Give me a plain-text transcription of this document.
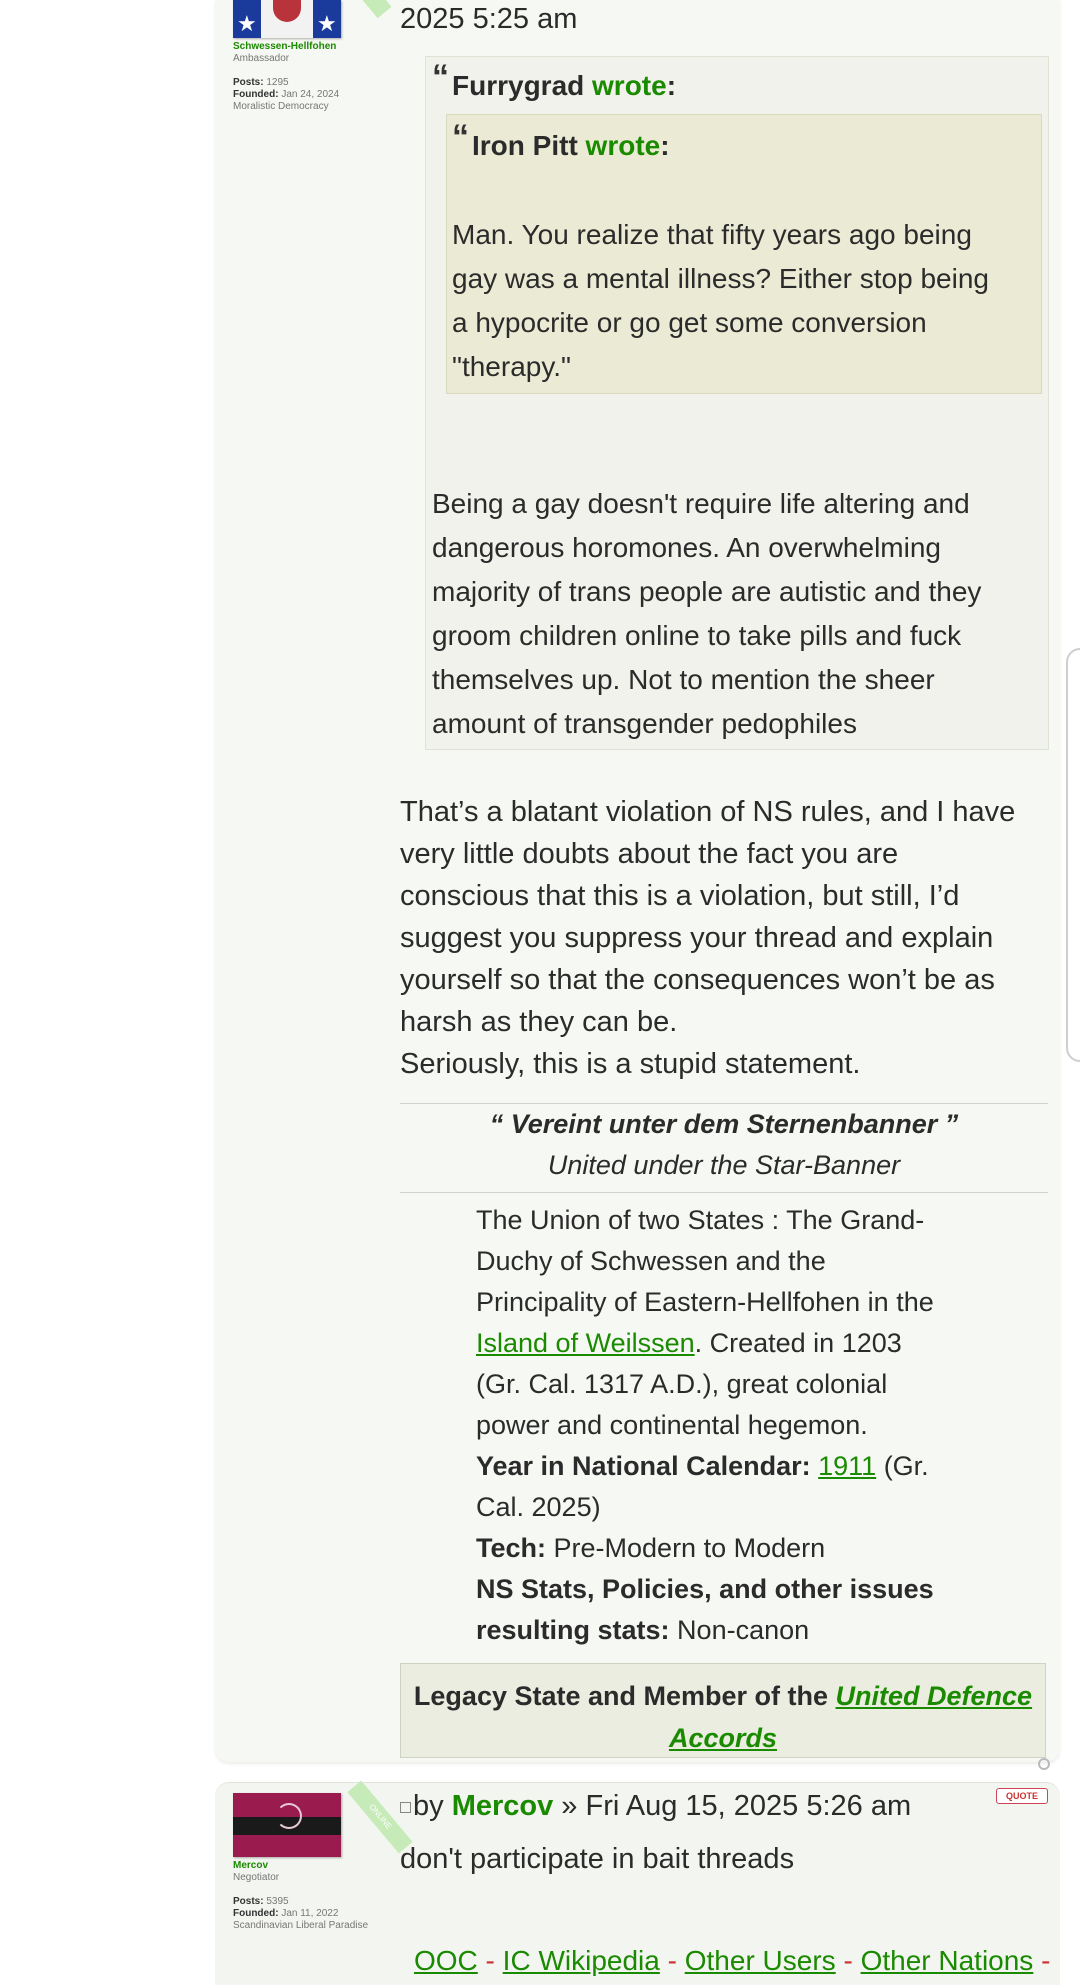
★	★
Schwessen-Hellfohen
Ambassador
Posts: 1295
Founded: Jan 24, 2024
Moralistic Democracy
2025 5:25 am
“ Furrygrad wrote:
“ Iron Pitt wrote:
Man. You realize that fifty years ago being
gay was a mental illness? Either stop being
a hypocrite or go get some conversion
"therapy."
Being a gay doesn't require life altering and
dangerous horomones. An overwhelming
majority of trans people are autistic and they
groom children online to take pills and fuck
themselves up. Not to mention the sheer
amount of transgender pedophiles
That’s a blatant violation of NS rules, and I have
very little doubts about the fact you are
conscious that this is a violation, but still, I’d
suggest you suppress your thread and explain
yourself so that the consequences won’t be as
harsh as they can be.
Seriously, this is a stupid statement.
“ Vereint unter dem Sternenbanner ”
United under the Star-Banner
The Union of two States : The Grand-
Duchy of Schwessen and the
Principality of Eastern-Hellfohen in the
Island of Weilssen. Created in 1203
(Gr. Cal. 1317 A.D.), great colonial
power and continental hegemon.
Year in National Calendar: 1911 (Gr.
Cal. 2025)
Tech: Pre-Modern to Modern
NS Stats, Policies, and other issues
resulting stats: Non-canon
Legacy State and Member of the United Defence
Accords
ONLINE
Mercov
Negotiator
Posts: 5395
Founded: Jan 11, 2022
Scandinavian Liberal Paradise
QUOTE
by Mercov » Fri Aug 15, 2025 5:26 am
don't participate in bait threads
OOC - IC Wikipedia - Other Users - Other Nations -
